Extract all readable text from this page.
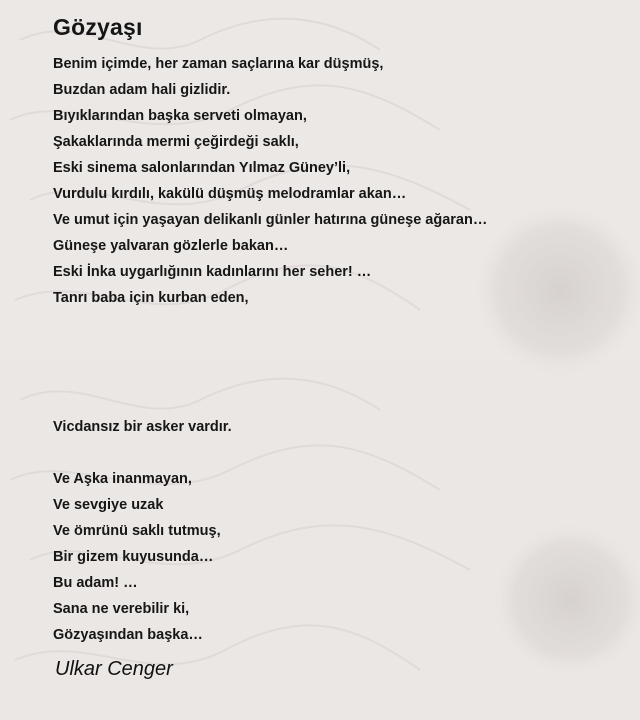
Gözyaşı
Benim içimde, her zaman saçlarına kar düşmüş,
Buzdan adam hali gizlidir.
Bıyıklarından başka serveti olmayan,
Şakaklarında mermi çeğirdeği saklı,
Eski sinema salonlarından Yılmaz Güney’li,
Vurdulu kırdılı, kakülü düşmüş melodramlar akan…
Ve umut için yaşayan delikanlı günler hatırına güneşe ağaran…
Güneşe yalvaran gözlerle bakan…
Eski İnka uygarlığının kadınlarını her seher! …
Tanrı baba için kurban eden,
Vicdansız bir asker vardır.
Ve Aşka inanmayan,
Ve sevgiye uzak
Ve ömrünü saklı tutmuş,
Bir gizem kuyusunda…
Bu adam! …
Sana ne verebilir ki,
Gözyaşından başka…
Ulkar Cenger
